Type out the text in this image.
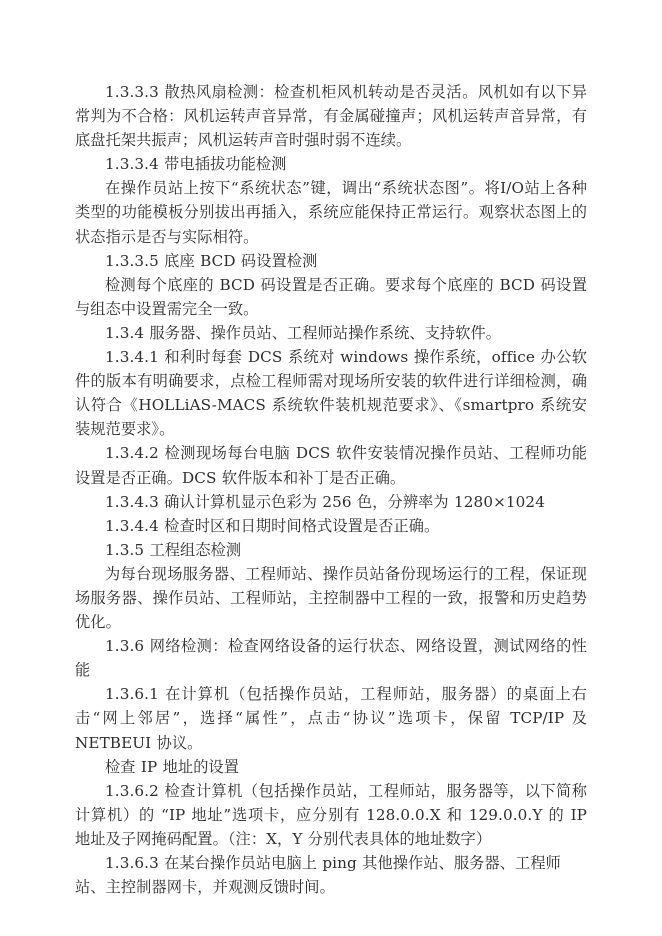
1.3.3.3 散热风扇检测：检查机柜风机转动是否灵活。风机如有以下异常判为不合格：风机运转声音异常，有金属碰撞声；风机运转声音异常，有底盘托架共振声；风机运转声音时强时弱不连续。

1.3.3.4 带电插拔功能检测

在操作员站上按下“系统状态”键，调出“系统状态图”。将I/O站上各种类型的功能模板分别拔出再插入，系统应能保持正常运行。观察状态图上的状态指示是否与实际相符。

1.3.3.5 底座 BCD 码设置检测

检测每个底座的 BCD 码设置是否正确。要求每个底座的 BCD 码设置与组态中设置需完全一致。

1.3.4 服务器、操作员站、工程师站操作系统、支持软件。

1.3.4.1 和利时每套 DCS 系统对 windows 操作系统，office 办公软件的版本有明确要求，点检工程师需对现场所安装的软件进行详细检测，确认符合《HOLLiAS-MACS 系统软件装机规范要求》、《smartpro 系统安装规范要求》。

1.3.4.2 检测现场每台电脑 DCS 软件安装情况操作员站、工程师功能设置是否正确。DCS 软件版本和补丁是否正确。

1.3.4.3 确认计算机显示色彩为 256 色，分辨率为 1280×1024

1.3.4.4 检查时区和日期时间格式设置是否正确。

1.3.5 工程组态检测

为每台现场服务器、工程师站、操作员站备份现场运行的工程，保证现场服务器、操作员站、工程师站，主控制器中工程的一致，报警和历史趋势优化。

1.3.6 网络检测：检查网络设备的运行状态、网络设置，测试网络的性能

1.3.6.1 在计算机（包括操作员站，工程师站，服务器）的桌面上右击“网上邻居”，选择“属性”，点击“协议”选项卡，保留 TCP/IP 及 NETBEUI 协议。

检查 IP 地址的设置

1.3.6.2 检查计算机（包括操作员站，工程师站，服务器等，以下简称计算机）的 “IP 地址”选项卡，应分别有 128.0.0.X 和 129.0.0.Y 的 IP 地址及子网掩码配置。（注：X，Y 分别代表具体的地址数字）

1.3.6.3 在某台操作员站电脑上 ping 其他操作站、服务器、工程师站、主控制器网卡，并观测反馈时间。
